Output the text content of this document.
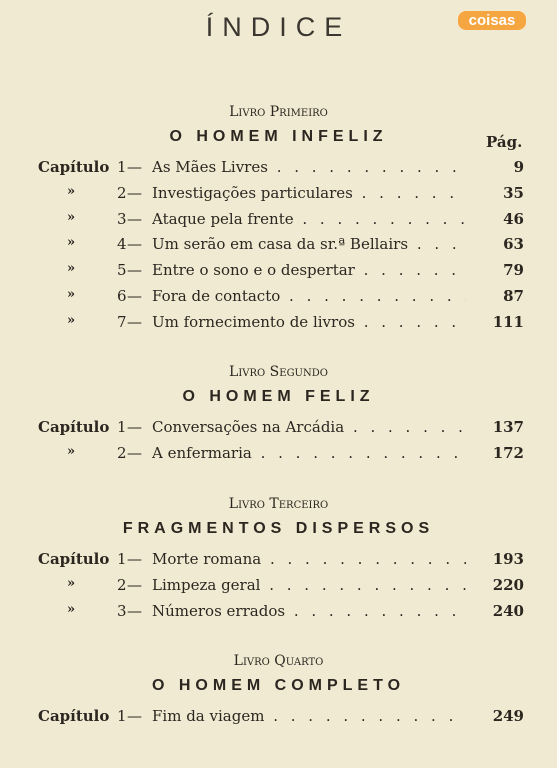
ÍNDICE	coisas
Pág.
Livro Primeiro
O HOMEM INFELIZ
Capítulo 1 — As Mães Livres . . .	9
»	2 — Investigações particulares . . .	35
»	3 — Ataque pela frente . . .	46
»	4 — Um serão em casa da sr.ª Bellairs . . .	63
»	5 — Entre o sono e o despertar . . .	79
»	6 — Fora de contacto . . .	87
»	7 — Um fornecimento de livros . . .	111
Livro Segundo
O HOMEM FELIZ
Capítulo 1 — Conversações na Arcádia . . .	137
»	2 — A enfermaria . . .	172
Livro Terceiro
FRAGMENTOS DISPERSOS
Capítulo 1 — Morte romana . . .	193
»	2 — Limpeza geral . . .	220
»	3 — Números errados . . .	240
Livro Quarto
O HOMEM COMPLETO
Capítulo 1 — Fim da viagem . . .	249
